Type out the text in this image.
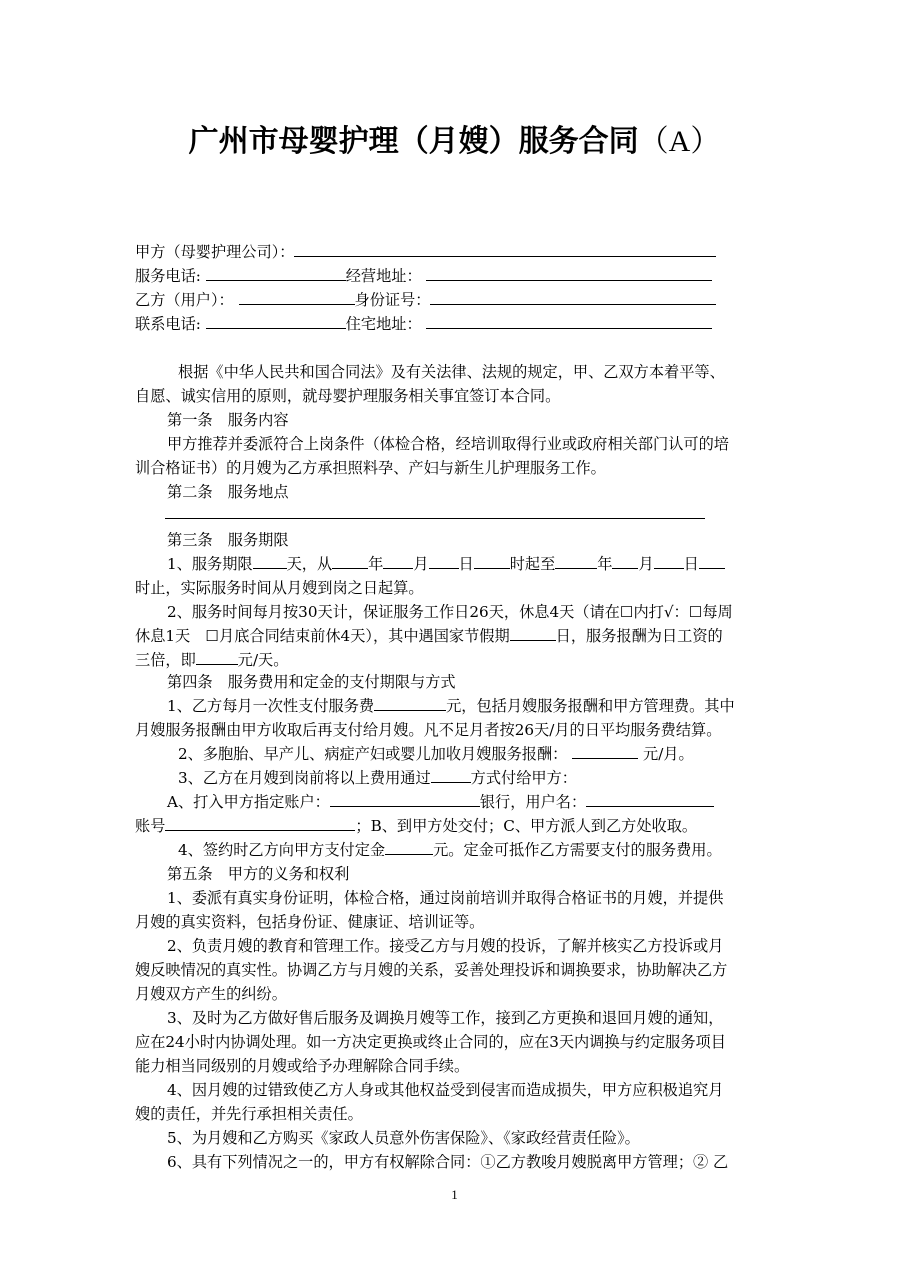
广州市母婴护理（月嫂）服务合同（A）
甲方（母婴护理公司）：
服务电话:	经营地址：
乙方（用户）：	身份证号：
联系电话:	住宅地址：
根据《中华人民共和国合同法》及有关法律、法规的规定，甲、乙双方本着平等、
自愿、诚实信用的原则，就母婴护理服务相关事宜签订本合同。
第一条　服务内容
甲方推荐并委派符合上岗条件（体检合格，经培训取得行业或政府相关部门认可的培
训合格证书）的月嫂为乙方承担照料孕、产妇与新生儿护理服务工作。
第二条　服务地点
第三条　服务期限
1、服务期限 天，从 年 月 日 时起至	年 月 日
时止，实际服务时间从月嫂到岗之日起算。
2、服务时间每月按30天计，保证服务工作日26天，休息4天（请在☐内打√：☐每周
休息1天　☐月底合同结束前休4天），其中遇国家节假期	日，服务报酬为日工资的
三倍，即	元/天。
第四条　服务费用和定金的支付期限与方式
1、乙方每月一次性支付服务费	元，包括月嫂服务报酬和甲方管理费。其中
月嫂服务报酬由甲方收取后再支付给月嫂。凡不足月者按26天/月的日平均服务费结算。
2、多胞胎、早产儿、病症产妇或婴儿加收月嫂服务报酬：	元/月。
3、乙方在月嫂到岗前将以上费用通过	方式付给甲方：
A、打入甲方指定账户：	银行，用户名：
账号	；B、到甲方处交付；C、甲方派人到乙方处收取。
4、签约时乙方向甲方支付定金	元。定金可抵作乙方需要支付的服务费用。
第五条　甲方的义务和权利
1、委派有真实身份证明，体检合格，通过岗前培训并取得合格证书的月嫂，并提供
月嫂的真实资料，包括身份证、健康证、培训证等。
2、负责月嫂的教育和管理工作。接受乙方与月嫂的投诉，了解并核实乙方投诉或月
嫂反映情况的真实性。协调乙方与月嫂的关系，妥善处理投诉和调换要求，协助解决乙方
月嫂双方产生的纠纷。
3、及时为乙方做好售后服务及调换月嫂等工作，接到乙方更换和退回月嫂的通知，
应在24小时内协调处理。如一方决定更换或终止合同的，应在3天内调换与约定服务项目
能力相当同级别的月嫂或给予办理解除合同手续。
4、因月嫂的过错致使乙方人身或其他权益受到侵害而造成损失，甲方应积极追究月
嫂的责任，并先行承担相关责任。
5、为月嫂和乙方购买《家政人员意外伤害保险》、《家政经营责任险》。
6、具有下列情况之一的，甲方有权解除合同：①乙方教唆月嫂脱离甲方管理；② 乙
1
